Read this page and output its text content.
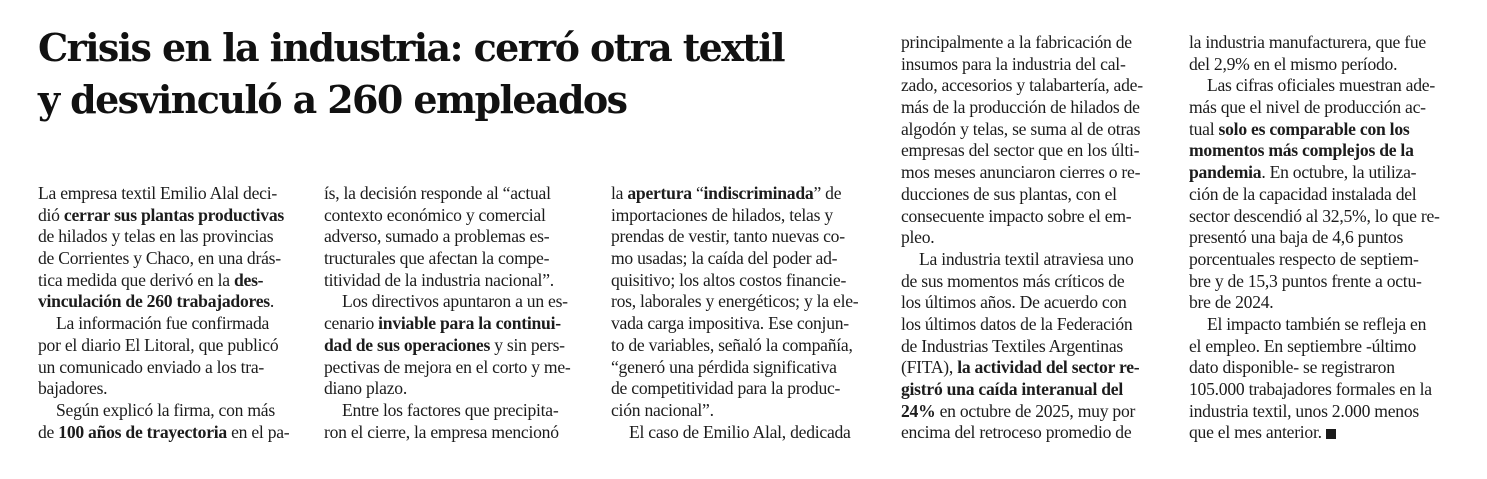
Crisis en la industria: cerró otra textil
y desvinculó a 260 empleados
La empresa textil Emilio Alal deci-
dió cerrar sus plantas productivas
de hilados y telas en las provincias
de Corrientes y Chaco, en una drás-
tica medida que derivó en la des-
vinculación de 260 trabajadores.
La información fue confirmada
por el diario El Litoral, que publicó
un comunicado enviado a los tra-
bajadores.
Según explicó la firma, con más
de 100 años de trayectoria en el pa-
ís, la decisión responde al “actual
contexto económico y comercial
adverso, sumado a problemas es-
tructurales que afectan la compe-
titividad de la industria nacional”.
Los directivos apuntaron a un es-
cenario inviable para la continui-
dad de sus operaciones y sin pers-
pectivas de mejora en el corto y me-
diano plazo.
Entre los factores que precipita-
ron el cierre, la empresa mencionó
la apertura “indiscriminada” de
importaciones de hilados, telas y
prendas de vestir, tanto nuevas co-
mo usadas; la caída del poder ad-
quisitivo; los altos costos financie-
ros, laborales y energéticos; y la ele-
vada carga impositiva. Ese conjun-
to de variables, señaló la compañía,
“generó una pérdida significativa
de competitividad para la produc-
ción nacional”.
El caso de Emilio Alal, dedicada
principalmente a la fabricación de
insumos para la industria del cal-
zado, accesorios y talabartería, ade-
más de la producción de hilados de
algodón y telas, se suma al de otras
empresas del sector que en los últi-
mos meses anunciaron cierres o re-
ducciones de sus plantas, con el
consecuente impacto sobre el em-
pleo.
La industria textil atraviesa uno
de sus momentos más críticos de
los últimos años. De acuerdo con
los últimos datos de la Federación
de Industrias Textiles Argentinas
(FITA), la actividad del sector re-
gistró una caída interanual del
24% en octubre de 2025, muy por
encima del retroceso promedio de
la industria manufacturera, que fue
del 2,9% en el mismo período.
Las cifras oficiales muestran ade-
más que el nivel de producción ac-
tual solo es comparable con los
momentos más complejos de la
pandemia. En octubre, la utiliza-
ción de la capacidad instalada del
sector descendió al 32,5%, lo que re-
presentó una baja de 4,6 puntos
porcentuales respecto de septiem-
bre y de 15,3 puntos frente a octu-
bre de 2024.
El impacto también se refleja en
el empleo. En septiembre -último
dato disponible- se registraron
105.000 trabajadores formales en la
industria textil, unos 2.000 menos
que el mes anterior.
